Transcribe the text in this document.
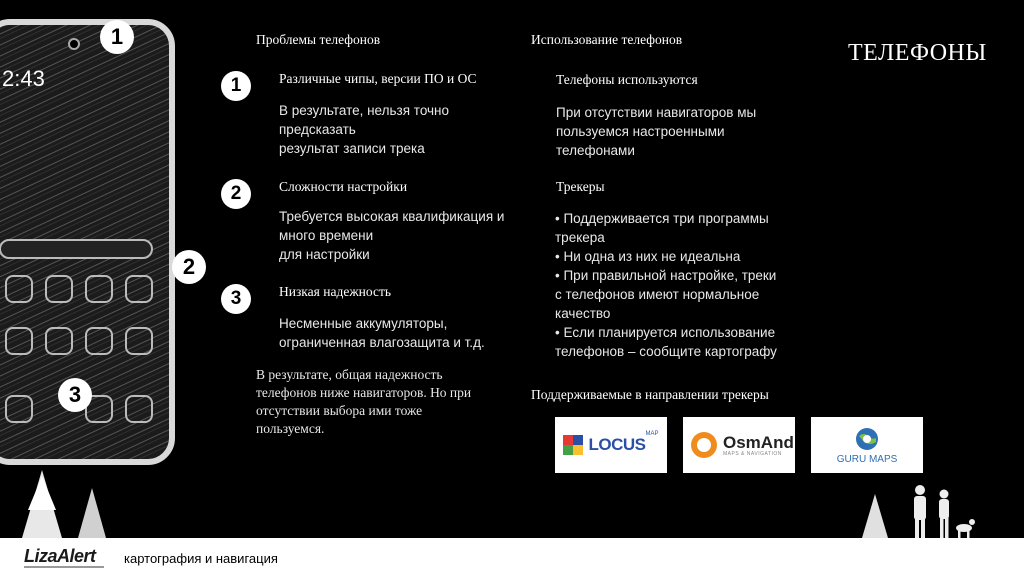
2:43
1
2
3
ТЕЛЕФОНЫ
Проблемы телефонов
1	Различные чипы, версии ПО и ОС
В результате, нельзя точно
предсказать
результат записи трека
2	Сложности настройки
Требуется высокая квалификация и
много времени
для настройки
3	Низкая надежность
Несменные аккумуляторы,
ограниченная влагозащита и т.д.
В результате, общая надежность
телефонов ниже навигаторов. Но при
отсутствии выбора ими тоже
пользуемся.
Использование телефонов
Телефоны используются
При отсутствии навигаторов мы
пользуемся настроенными
телефонами
Трекеры
• Поддерживается три программы
трекера
• Ни одна из них не идеальна
• При правильной настройке, треки
с телефонов имеют нормальное
качество
• Если планируется использование
телефонов – сообщите картографу
Поддерживаемые в направлении трекеры
LOCUS
MAP	OsmAnd
MAPS & NAVIGATION	GURU MAPS
LizaAlert картография и навигация
